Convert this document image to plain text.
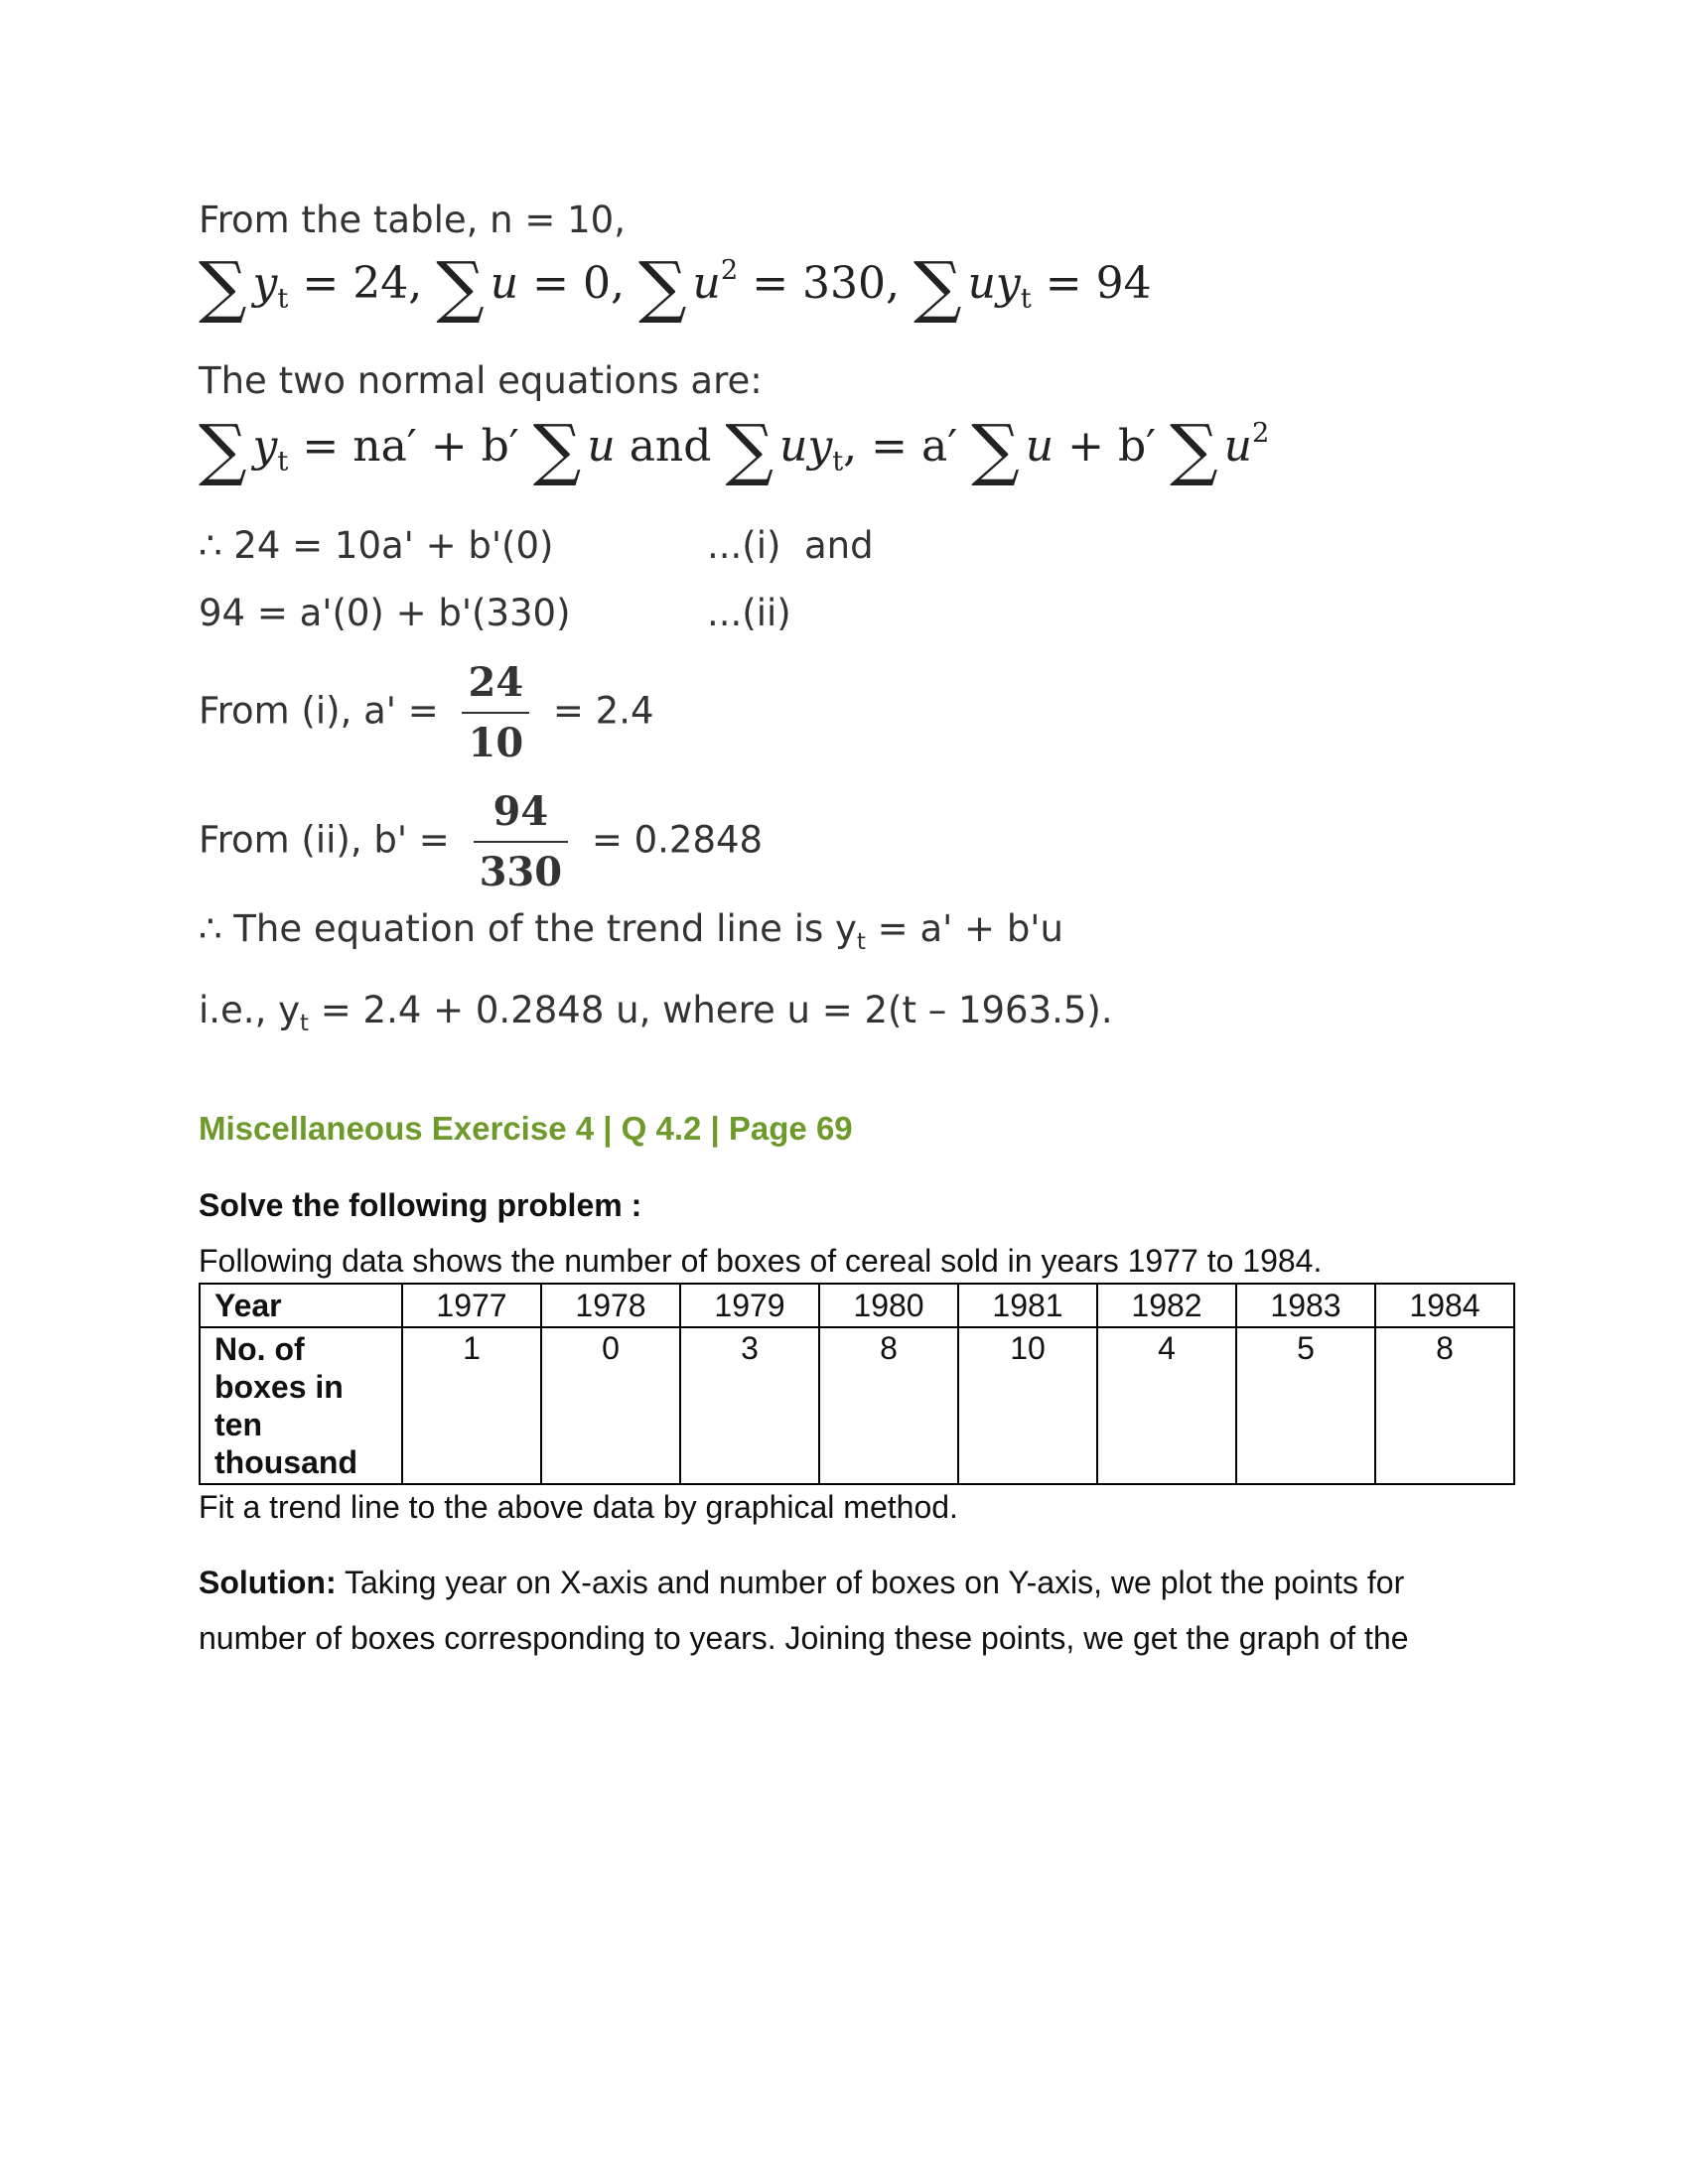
From the table, n = 10,
∑ $y_t = 24$, ∑ u = 0, ∑ $u^2 = 330$, ∑ $uy_t = 94$
The two normal equations are:
∑ $y_t = na' + b'$ ∑ u and ∑ $uy_t$, = a′ ∑ u + b′ ∑ $u^2$
∴ 24 = 10a' + b'(0)	...(i) and
94 = a'(0) + b'(330)	...(ii)
From (i), $a' = \frac{24}{10} = 2.4$
From (ii), $b' = \frac{94}{330} = 0.2848$
∴ The equation of the trend line is $y_t = a' + b'u$
i.e., $y_t = 2.4 + 0.2848$ u, where u = 2(t – 1963.5).
Miscellaneous Exercise 4 | Q 4.2 | Page 69
Solve the following problem :
Following data shows the number of boxes of cereal sold in years 1977 to 1984.
Year	1977	1978	1979	1980	1981	1982	1983	1984

No. of
boxes in
ten
thousand	1	0	3	8	10	4	5	8
Fit a trend line to the above data by graphical method.
Solution: Taking year on X-axis and number of boxes on Y-axis, we plot the points for
number of boxes corresponding to years. Joining these points, we get the graph of the
